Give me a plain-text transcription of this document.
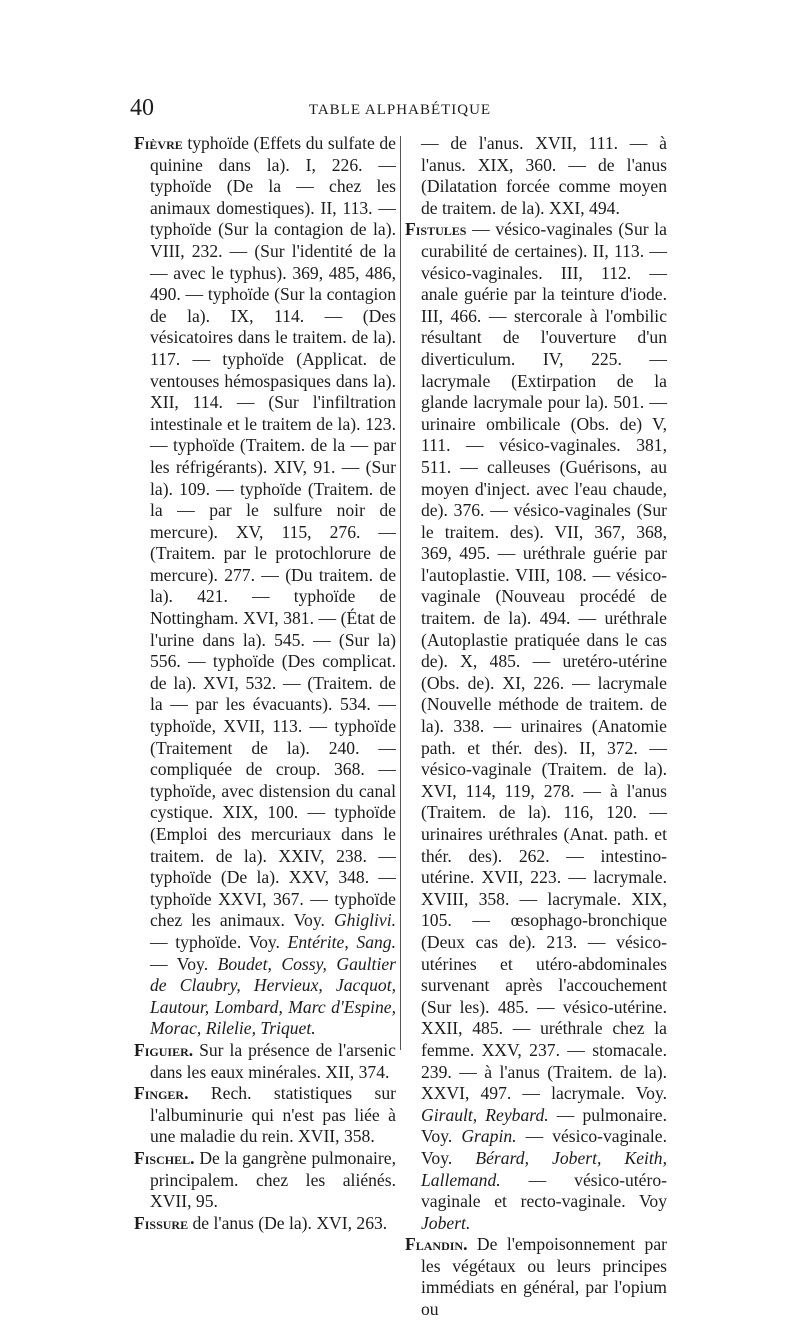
40	TABLE ALPHABÉTIQUE

Fièvre typhoïde (Effets du sulfate de quinine dans la). I, 226. — typhoïde (De la — chez les animaux domestiques). II, 113. — typhoïde (Sur la contagion de la). VIII, 232. — (Sur l'identité de la — avec le typhus). 369, 485, 486, 490. — typhoïde (Sur la contagion de la). IX, 114. — (Des vésicatoires dans le traitem. de la). 117. — typhoïde (Applicat. de ventouses hémospasiques dans la). XII, 114. — (Sur l'infiltration intestinale et le traitem de la). 123. — typhoïde (Traitem. de la — par les réfrigérants). XIV, 91. — (Sur la). 109. — typhoïde (Traitem. de la — par le sulfure noir de mercure). XV, 115, 276. — (Traitem. par le protochlorure de mercure). 277. — (Du traitem. de la). 421. — typhoïde de Nottingham. XVI, 381. — (État de l'urine dans la). 545. — (Sur la) 556. — typhoïde (Des complicat. de la). XVI, 532. — (Traitem. de la — par les évacuants). 534. — typhoïde, XVII, 113. — typhoïde (Traitement de la). 240. — compliquée de croup. 368. — typhoïde, avec distension du canal cystique. XIX, 100. — typhoïde (Emploi des mercuriaux dans le traitem. de la). XXIV, 238. — typhoïde (De la). XXV, 348. — typhoïde XXVI, 367. — typhoïde chez les animaux. Voy. Ghiglivi. — typhoïde. Voy. Entérite, Sang. — Voy. Boudet, Cossy, Gaultier de Claubry, Hervieux, Jacquot, Lautour, Lombard, Marc d'Espine, Morac, Rilelie, Triquet.

Figuier. Sur la présence de l'arsenic dans les eaux minérales. XII, 374.

Finger. Rech. statistiques sur l'albuminurie qui n'est pas liée à une maladie du rein. XVII, 358.

Fischel. De la gangrène pulmonaire, principalem. chez les aliénés. XVII, 95.

Fissure de l'anus (De la). XVI, 263.

— de l'anus. XVII, 111. — à l'anus. XIX, 360. — de l'anus (Dilatation forcée comme moyen de traitem. de la). XXI, 494.

Fistules — vésico-vaginales (Sur la curabilité de certaines). II, 113. — vésico-vaginales. III, 112. — anale guérie par la teinture d'iode. III, 466. — stercorale à l'ombilic résultant de l'ouverture d'un diverticulum. IV, 225. — lacrymale (Extirpation de la glande lacrymale pour la). 501. — urinaire ombilicale (Obs. de) V, 111. — vésico-vaginales. 381, 511. — calleuses (Guérisons, au moyen d'inject. avec l'eau chaude, de). 376. — vésico-vaginales (Sur le traitem. des). VII, 367, 368, 369, 495. — uréthrale guérie par l'autoplastie. VIII, 108. — vésico-vaginale (Nouveau procédé de traitem. de la). 494. — uréthrale (Autoplastie pratiquée dans le cas de). X, 485. — uretéro-utérine (Obs. de). XI, 226. — lacrymale (Nouvelle méthode de traitem. de la). 338. — urinaires (Anatomie path. et thér. des). II, 372. — vésico-vaginale (Traitem. de la). XVI, 114, 119, 278. — à l'anus (Traitem. de la). 116, 120. — urinaires uréthrales (Anat. path. et thér. des). 262. — intestino-utérine. XVII, 223. — lacrymale. XVIII, 358. — lacrymale. XIX, 105. — œsophago-bronchique (Deux cas de). 213. — vésico-utérines et utéro-abdominales survenant après l'accouchement (Sur les). 485. — vésico-utérine. XXII, 485. — uréthrale chez la femme. XXV, 237. — stomacale. 239. — à l'anus (Traitem. de la). XXVI, 497. — lacrymale. Voy. Girault, Reybard. — pulmonaire. Voy. Grapin. — vésico-vaginale. Voy. Bérard, Jobert, Keith, Lallemand. — vésico-utéro-vaginale et recto-vaginale. Voy Jobert.

Flandin. De l'empoisonnement par les végétaux ou leurs principes immédiats en général, par l'opium ou
